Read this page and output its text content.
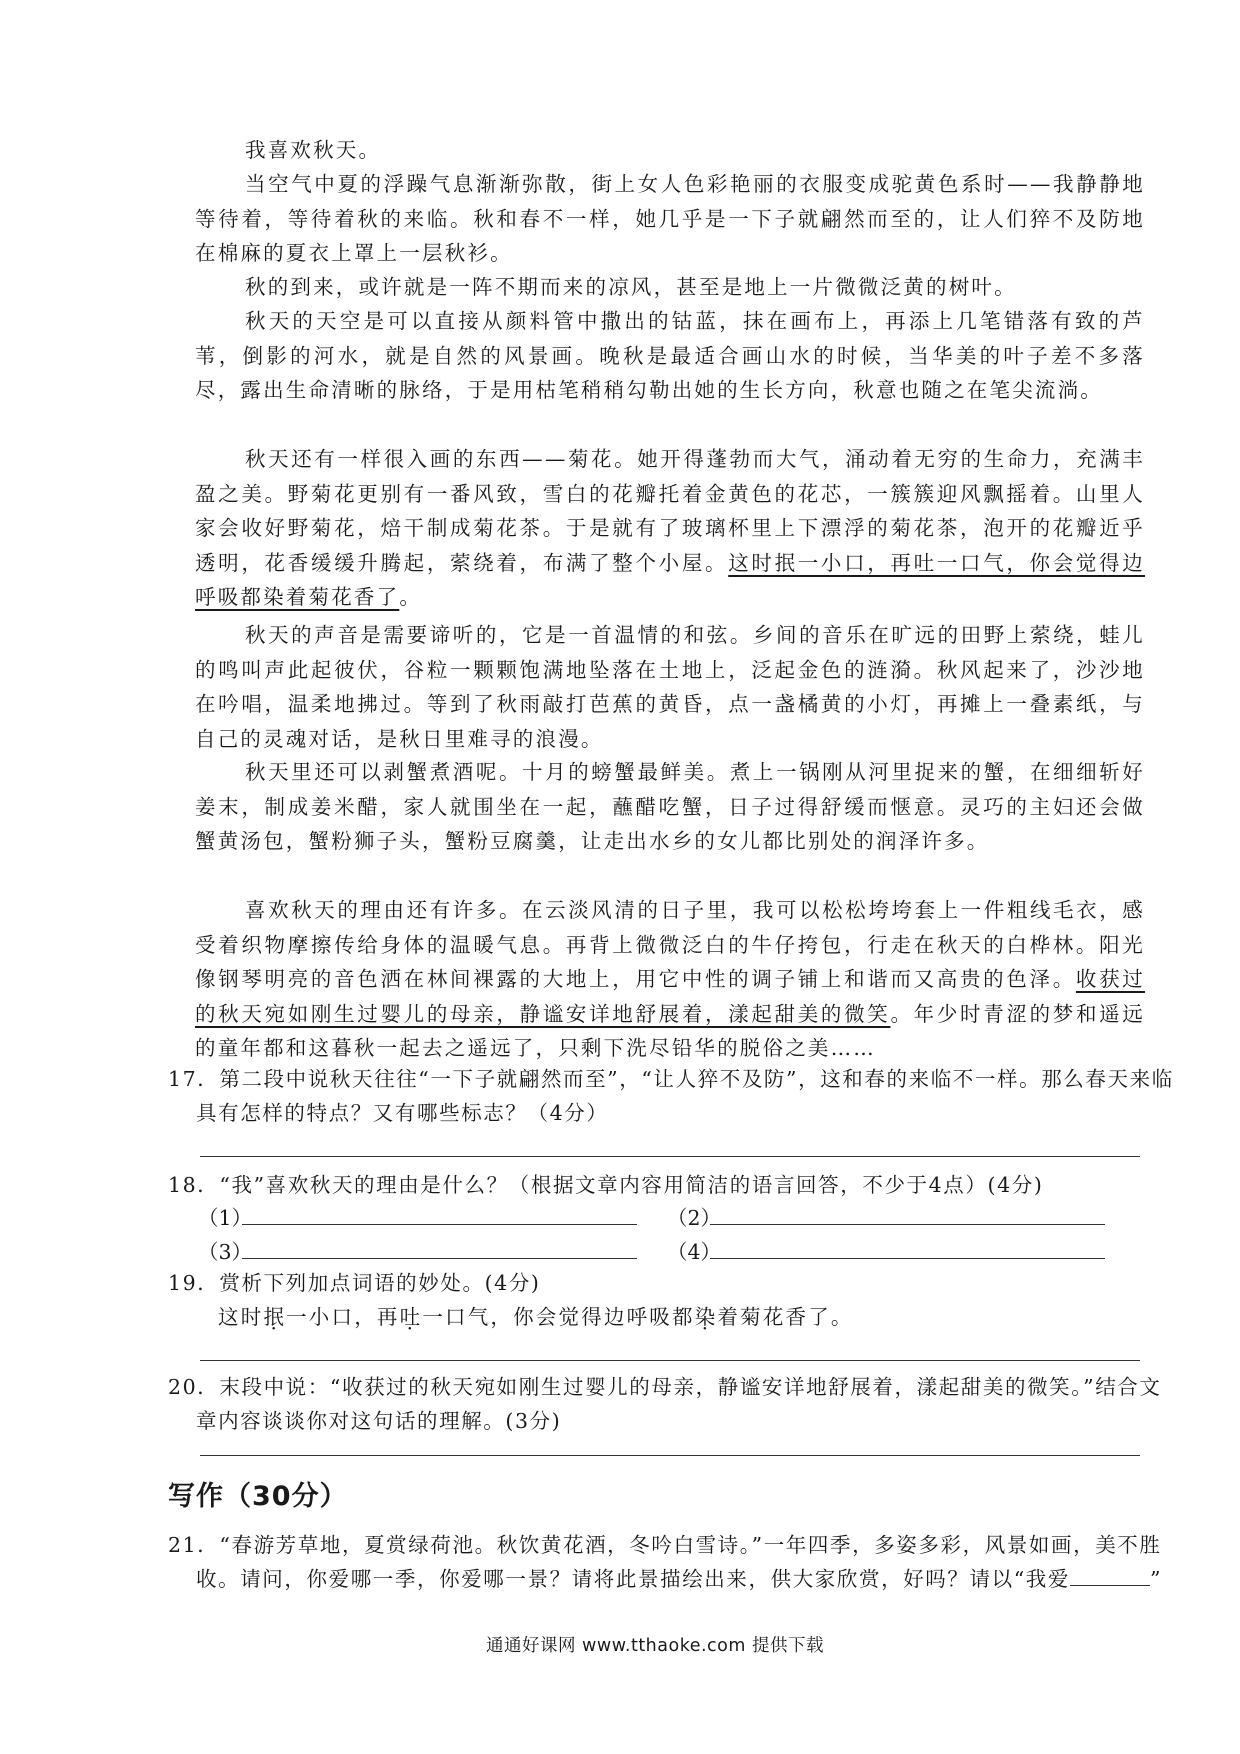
我喜欢秋天。

当空气中夏的浮躁气息渐渐弥散，街上女人色彩艳丽的衣服变成驼黄色系时——我静静地等待着，等待着秋的来临。秋和春不一样，她几乎是一下子就翩然而至的，让人们猝不及防地在棉麻的夏衣上罩上一层秋衫。

秋的到来，或许就是一阵不期而来的凉风，甚至是地上一片微微泛黄的树叶。

秋天的天空是可以直接从颜料管中撒出的钴蓝，抹在画布上，再添上几笔错落有致的芦苇，倒影的河水，就是自然的风景画。晚秋是最适合画山水的时候，当华美的叶子差不多落尽，露出生命清晰的脉络，于是用枯笔稍稍勾勒出她的生长方向，秋意也随之在笔尖流淌。

秋天还有一样很入画的东西——菊花。她开得蓬勃而大气，涌动着无穷的生命力，充满丰盈之美。野菊花更别有一番风致，雪白的花瓣托着金黄色的花芯，一簇簇迎风飘摇着。山里人家会收好野菊花，焙干制成菊花茶。于是就有了玻璃杯里上下漂浮的菊花茶，泡开的花瓣近乎透明，花香缓缓升腾起，萦绕着，布满了整个小屋。这时抿一小口，再吐一口气，你会觉得边呼吸都染着菊花香了。

秋天的声音是需要谛听的，它是一首温情的和弦。乡间的音乐在旷远的田野上萦绕，蛙儿的鸣叫声此起彼伏，谷粒一颗颗饱满地坠落在土地上，泛起金色的涟漪。秋风起来了，沙沙地在吟唱，温柔地拂过。等到了秋雨敲打芭蕉的黄昏，点一盏橘黄的小灯，再摊上一叠素纸，与自己的灵魂对话，是秋日里难寻的浪漫。

秋天里还可以剥蟹煮酒呢。十月的螃蟹最鲜美。煮上一锅刚从河里捉来的蟹，在细细斩好姜末，制成姜米醋，家人就围坐在一起，蘸醋吃蟹，日子过得舒缓而惬意。灵巧的主妇还会做蟹黄汤包，蟹粉狮子头，蟹粉豆腐羹，让走出水乡的女儿都比别处的润泽许多。

喜欢秋天的理由还有许多。在云淡风清的日子里，我可以松松垮垮套上一件粗线毛衣，感受着织物摩擦传给身体的温暖气息。再背上微微泛白的牛仔挎包，行走在秋天的白桦林。阳光像钢琴明亮的音色洒在林间裸露的大地上，用它中性的调子铺上和谐而又高贵的色泽。收获过的秋天宛如刚生过婴儿的母亲，静谧安详地舒展着，漾起甜美的微笑。年少时青涩的梦和遥远的童年都和这暮秋一起去之遥远了，只剩下洗尽铅华的脱俗之美……

17．第二段中说秋天往往“一下子就翩然而至”，“让人猝不及防”，这和春的来临不一样。那么春天来临具有怎样的特点？又有哪些标志？（4分）

18．“我”喜欢秋天的理由是什么？（根据文章内容用简洁的语言回答，不少于4点）(4分)

（1）	（2）
（3）	（4）

19．赏析下列加点词语的妙处。(4分)

这时抿一小口，再吐一口气，你会觉得边呼吸都染着菊花香了。

20．末段中说：“收获过的秋天宛如刚生过婴儿的母亲，静谧安详地舒展着，漾起甜美的微笑。”结合文章内容谈谈你对这句话的理解。(3分)

写作（30分）

21．“春游芳草地，夏赏绿荷池。秋饮黄花酒，冬吟白雪诗。”一年四季，多姿多彩，风景如画，美不胜收。请问，你爱哪一季，你爱哪一景？请将此景描绘出来，供大家欣赏，好吗？请以“我爱	”

通通好课网 www.tthaoke.com 提供下载
